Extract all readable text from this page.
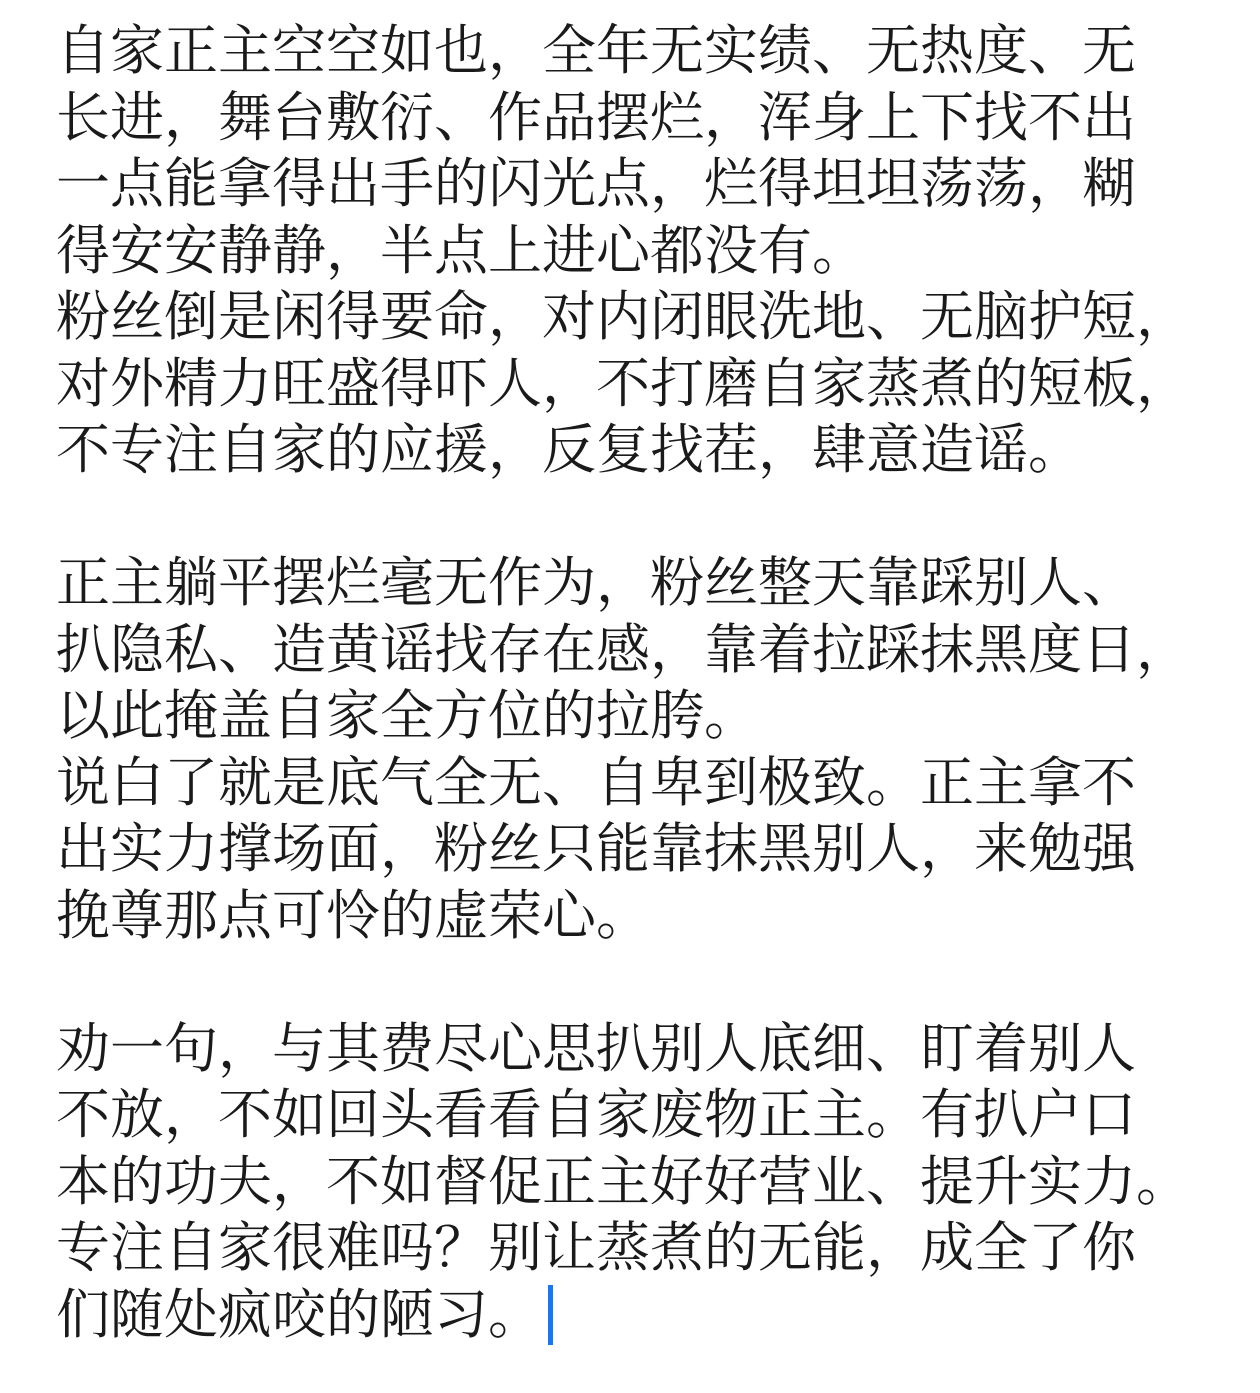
自家正主空空如也，全年无实绩、无热度、无
长进，舞台敷衍、作品摆烂，浑身上下找不出
一点能拿得出手的闪光点，烂得坦坦荡荡，糊
得安安静静，半点上进心都没有。
粉丝倒是闲得要命，对内闭眼洗地、无脑护短，
对外精力旺盛得吓人，不打磨自家蒸煮的短板，
不专注自家的应援，反复找茬，肆意造谣。
正主躺平摆烂毫无作为，粉丝整天靠踩别人、
扒隐私、造黄谣找存在感，靠着拉踩抹黑度日，
以此掩盖自家全方位的拉胯。
说白了就是底气全无、自卑到极致。正主拿不
出实力撑场面，粉丝只能靠抹黑别人，来勉强
挽尊那点可怜的虚荣心。
劝一句，与其费尽心思扒别人底细、盯着别人
不放，不如回头看看自家废物正主。有扒户口
本的功夫，不如督促正主好好营业、提升实力。
专注自家很难吗？别让蒸煮的无能，成全了你
们随处疯咬的陋习。
